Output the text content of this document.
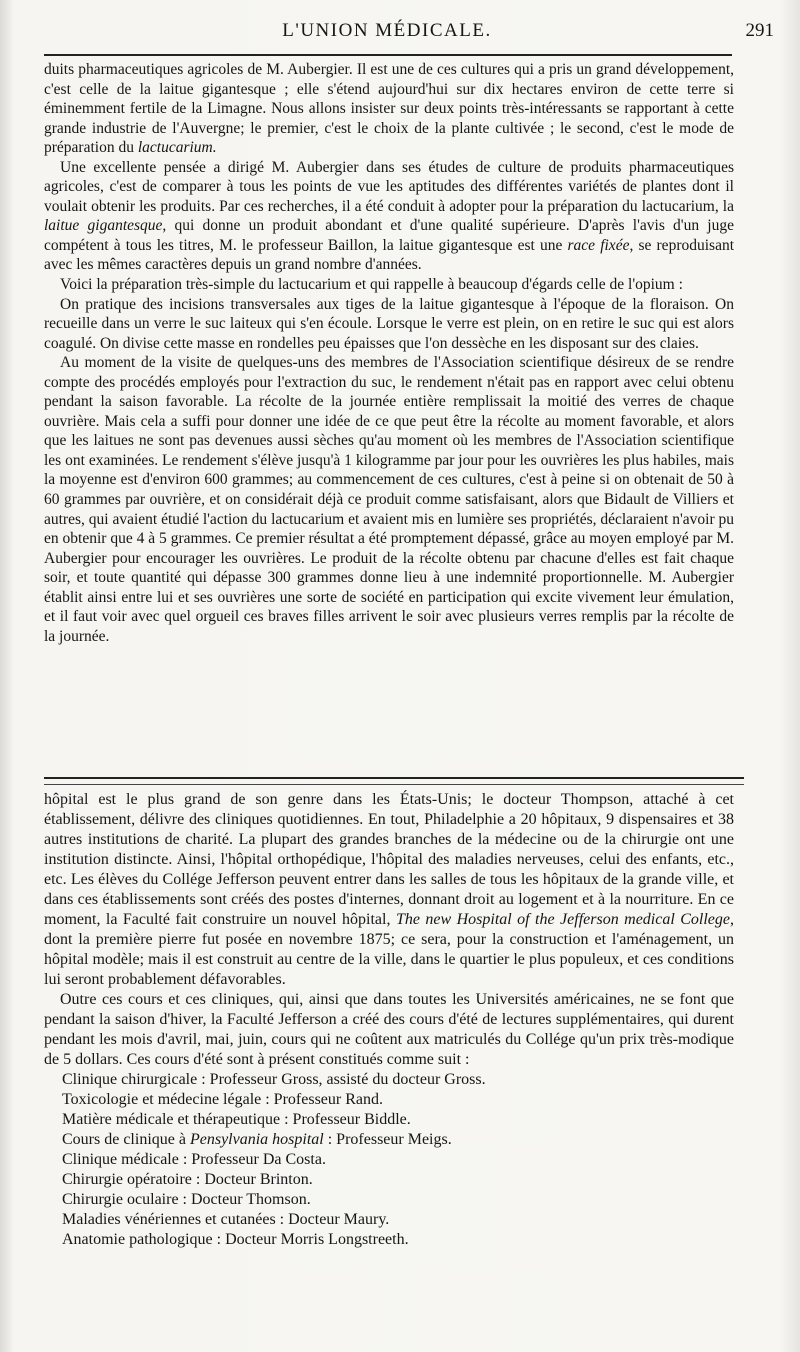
L'UNION MÉDICALE.	291

duits pharmaceutiques agricoles de M. Aubergier. Il est une de ces cultures qui a pris un grand développement, c'est celle de la laitue gigantesque ; elle s'étend aujourd'hui sur dix hectares environ de cette terre si éminemment fertile de la Limagne. Nous allons insister sur deux points très-intéressants se rapportant à cette grande industrie de l'Auvergne; le premier, c'est le choix de la plante cultivée ; le second, c'est le mode de préparation du lactucarium.

Une excellente pensée a dirigé M. Aubergier dans ses études de culture de produits pharmaceutiques agricoles, c'est de comparer à tous les points de vue les aptitudes des différentes variétés de plantes dont il voulait obtenir les produits. Par ces recherches, il a été conduit à adopter pour la préparation du lactucarium, la laitue gigantesque, qui donne un produit abondant et d'une qualité supérieure. D'après l'avis d'un juge compétent à tous les titres, M. le professeur Baillon, la laitue gigantesque est une race fixée, se reproduisant avec les mêmes caractères depuis un grand nombre d'années.

Voici la préparation très-simple du lactucarium et qui rappelle à beaucoup d'égards celle de l'opium :

On pratique des incisions transversales aux tiges de la laitue gigantesque à l'époque de la floraison. On recueille dans un verre le suc laiteux qui s'en écoule. Lorsque le verre est plein, on en retire le suc qui est alors coagulé. On divise cette masse en rondelles peu épaisses que l'on dessèche en les disposant sur des claies.

Au moment de la visite de quelques-uns des membres de l'Association scientifique désireux de se rendre compte des procédés employés pour l'extraction du suc, le rendement n'était pas en rapport avec celui obtenu pendant la saison favorable. La récolte de la journée entière remplissait la moitié des verres de chaque ouvrière. Mais cela a suffi pour donner une idée de ce que peut être la récolte au moment favorable, et alors que les laitues ne sont pas devenues aussi sèches qu'au moment où les membres de l'Association scientifique les ont examinées. Le rendement s'élève jusqu'à 1 kilogramme par jour pour les ouvrières les plus habiles, mais la moyenne est d'environ 600 grammes; au commencement de ces cultures, c'est à peine si on obtenait de 50 à 60 grammes par ouvrière, et on considérait déjà ce produit comme satisfaisant, alors que Bidault de Villiers et autres, qui avaient étudié l'action du lactucarium et avaient mis en lumière ses propriétés, déclaraient n'avoir pu en obtenir que 4 à 5 grammes. Ce premier résultat a été promptement dépassé, grâce au moyen employé par M. Aubergier pour encourager les ouvrières. Le produit de la récolte obtenu par chacune d'elles est fait chaque soir, et toute quantité qui dépasse 300 grammes donne lieu à une indemnité proportionnelle. M. Aubergier établit ainsi entre lui et ses ouvrières une sorte de société en participation qui excite vivement leur émulation, et il faut voir avec quel orgueil ces braves filles arrivent le soir avec plusieurs verres remplis par la récolte de la journée.

hôpital est le plus grand de son genre dans les États-Unis; le docteur Thompson, attaché à cet établissement, délivre des cliniques quotidiennes. En tout, Philadelphie a 20 hôpitaux, 9 dispensaires et 38 autres institutions de charité. La plupart des grandes branches de la médecine ou de la chirurgie ont une institution distincte. Ainsi, l'hôpital orthopédique, l'hôpital des maladies nerveuses, celui des enfants, etc., etc. Les élèves du Collége Jefferson peuvent entrer dans les salles de tous les hôpitaux de la grande ville, et dans ces établissements sont créés des postes d'internes, donnant droit au logement et à la nourriture. En ce moment, la Faculté fait construire un nouvel hôpital, The new Hospital of the Jefferson medical College, dont la première pierre fut posée en novembre 1875; ce sera, pour la construction et l'aménagement, un hôpital modèle; mais il est construit au centre de la ville, dans le quartier le plus populeux, et ces conditions lui seront probablement défavorables.

Outre ces cours et ces cliniques, qui, ainsi que dans toutes les Universités américaines, ne se font que pendant la saison d'hiver, la Faculté Jefferson a créé des cours d'été de lectures supplémentaires, qui durent pendant les mois d'avril, mai, juin, cours qui ne coûtent aux matriculés du Collége qu'un prix très-modique de 5 dollars. Ces cours d'été sont à présent constitués comme suit :

Clinique chirurgicale : Professeur Gross, assisté du docteur Gross.
Toxicologie et médecine légale : Professeur Rand.
Matière médicale et thérapeutique : Professeur Biddle.
Cours de clinique à Pensylvania hospital : Professeur Meigs.
Clinique médicale : Professeur Da Costa.
Chirurgie opératoire : Docteur Brinton.
Chirurgie oculaire : Docteur Thomson.
Maladies vénériennes et cutanées : Docteur Maury.
Anatomie pathologique : Docteur Morris Longstreeth.
